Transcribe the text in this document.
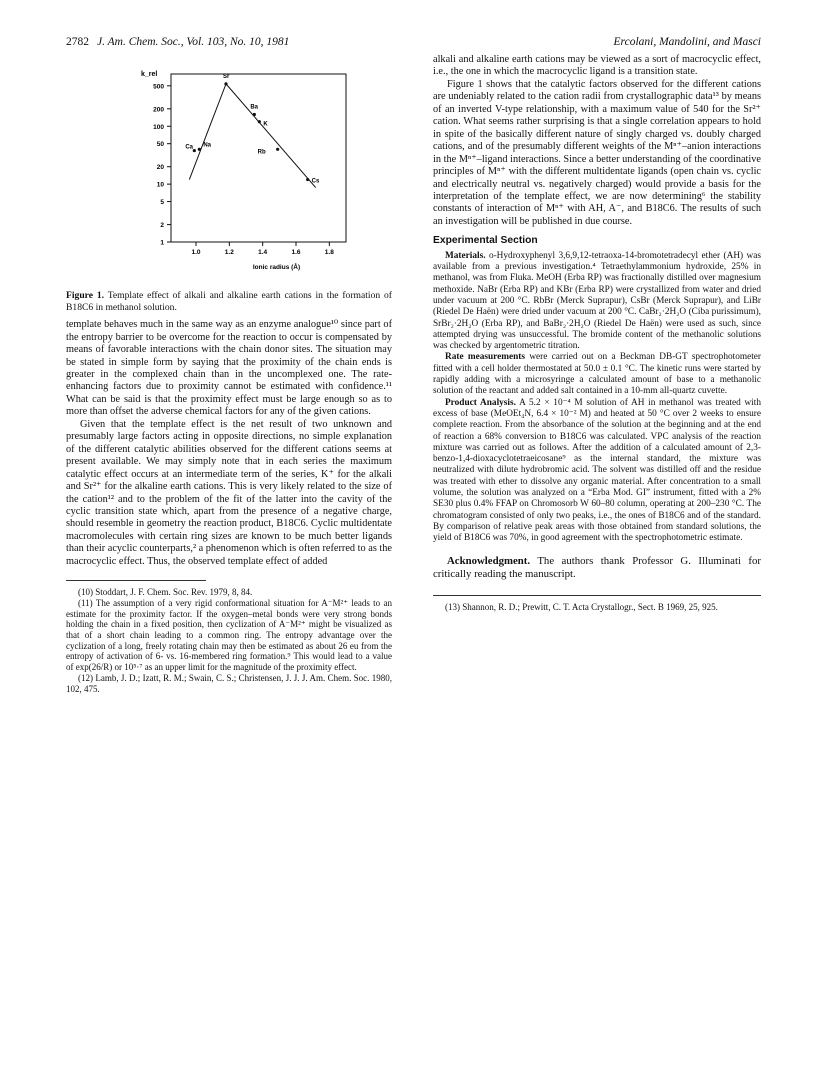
2782 J. Am. Chem. Soc., Vol. 103, No. 10, 1981	Ercolani, Mandolini, and Masci
500
200
100
50
20
10
5
2
1
1.0	1.2	1.4	1.6	1.8
k_rel
Ionic radius (Å)
Ca Na
Sr
Ba
K
Rb
Cs
Figure 1. Template effect of alkali and alkaline earth cations in the formation of B18C6 in methanol solution.

template behaves much in the same way as an enzyme analogue¹⁰ since part of the entropy barrier to be overcome for the reaction to occur is compensated by means of favorable interactions with the chain donor sites. The situation may be stated in simple form by saying that the proximity of the chain ends is greater in the complexed chain than in the uncomplexed one. The rate-enhancing factors due to proximity cannot be estimated with confidence.¹¹ What can be said is that the proximity effect must be large enough so as to more than offset the adverse chemical factors for any of the given cations.

Given that the template effect is the net result of two unknown and presumably large factors acting in opposite directions, no simple explanation of the different catalytic abilities observed for the different cations seems at present available. We may simply note that in each series the maximum catalytic effect occurs at an intermediate term of the series, K⁺ for the alkali and Sr²⁺ for the alkaline earth cations. This is very likely related to the size of the cation¹² and to the problem of the fit of the latter into the cavity of the cyclic transition state which, apart from the presence of a negative charge, should resemble in geometry the reaction product, B18C6. Cyclic multidentate macromolecules with certain ring sizes are known to be much better ligands than their acyclic counterparts,² a phenomenon which is often referred to as the macrocyclic effect. Thus, the observed template effect of added

(10) Stoddart, J. F. Chem. Soc. Rev. 1979, 8, 84.

(11) The assumption of a very rigid conformational situation for A⁻M²⁺ leads to an estimate for the proximity factor. If the oxygen–metal bonds were very strong bonds holding the chain in a fixed position, then cyclization of A⁻M²⁺ might be visualized as that of a short chain leading to a common ring. The entropy advantage over the cyclization of a long, freely rotating chain may then be estimated as about 26 eu from the entropy of activation of 6- vs. 16-membered ring formation.⁹ This would lead to a value of exp(26/R) or 10⁵·⁷ as an upper limit for the magnitude of the proximity effect.

(12) Lamb, J. D.; Izatt, R. M.; Swain, C. S.; Christensen, J. J. J. Am. Chem. Soc. 1980, 102, 475.

alkali and alkaline earth cations may be viewed as a sort of macrocyclic effect, i.e., the one in which the macrocyclic ligand is a transition state.

Figure 1 shows that the catalytic factors observed for the different cations are undeniably related to the cation radii from crystallographic data¹³ by means of an inverted V-type relationship, with a maximum value of 540 for the Sr²⁺ cation. What seems rather surprising is that a single correlation appears to hold in spite of the basically different nature of singly charged vs. doubly charged cations, and of the presumably different weights of the Mⁿ⁺–anion interactions in the Mⁿ⁺–ligand interactions. Since a better understanding of the coordinative principles of Mⁿ⁺ with the different multidentate ligands (open chain vs. cyclic and electrically neutral vs. negatively charged) would provide a basis for the interpretation of the template effect, we are now determining⁶ the stability constants of interaction of Mⁿ⁺ with AH, A⁻, and B18C6. The results of such an investigation will be published in due course.

Experimental Section

Materials. o-Hydroxyphenyl 3,6,9,12-tetraoxa-14-bromotetradecyl ether (AH) was available from a previous investigation.⁴ Tetraethylammonium hydroxide, 25% in methanol, was from Fluka. MeOH (Erba RP) was fractionally distilled over magnesium methoxide. NaBr (Erba RP) and KBr (Erba RP) were crystallized from water and dried under vacuum at 200 °C. RbBr (Merck Suprapur), CsBr (Merck Suprapur), and LiBr (Riedel De Haën) were dried under vacuum at 200 °C. CaBr₂·2H₂O (Ciba purissimum), SrBr₂·2H₂O (Erba RP), and BaBr₂·2H₂O (Riedel De Haën) were used as such, since attempted drying was unsuccessful. The bromide content of the methanolic solutions was checked by argentometric titration.

Rate measurements were carried out on a Beckman DB-GT spectrophotometer fitted with a cell holder thermostated at 50.0 ± 0.1 °C. The kinetic runs were started by rapidly adding with a microsyringe a calculated amount of base to a methanolic solution of the reactant and added salt contained in a 10-mm all-quartz cuvette.

Product Analysis. A 5.2 × 10⁻⁴ M solution of AH in methanol was treated with excess of base (MeOEt₄N, 6.4 × 10⁻² M) and heated at 50 °C over 2 weeks to ensure complete reaction. From the absorbance of the solution at the beginning and at the end of reaction a 68% conversion to B18C6 was calculated. VPC analysis of the reaction mixture was carried out as follows. After the addition of a calculated amount of 2,3-benzo-1,4-dioxacyclotetraeicosane⁹ as the internal standard, the mixture was neutralized with dilute hydrobromic acid. The solvent was distilled off and the residue was treated with ether to dissolve any organic material. After concentration to a small volume, the solution was analyzed on a “Erba Mod. GI” instrument, fitted with a 2% SE30 plus 0.4% FFAP on Chromosorb W 60–80 column, operating at 200–230 °C. The chromatogram consisted of only two peaks, i.e., the ones of B18C6 and of the standard. By comparison of relative peak areas with those obtained from standard solutions, the yield of B18C6 was 70%, in good agreement with the spectrophotometric estimate.

Acknowledgment. The authors thank Professor G. Illuminati for critically reading the manuscript.

(13) Shannon, R. D.; Prewitt, C. T. Acta Crystallogr., Sect. B 1969, 25, 925.
